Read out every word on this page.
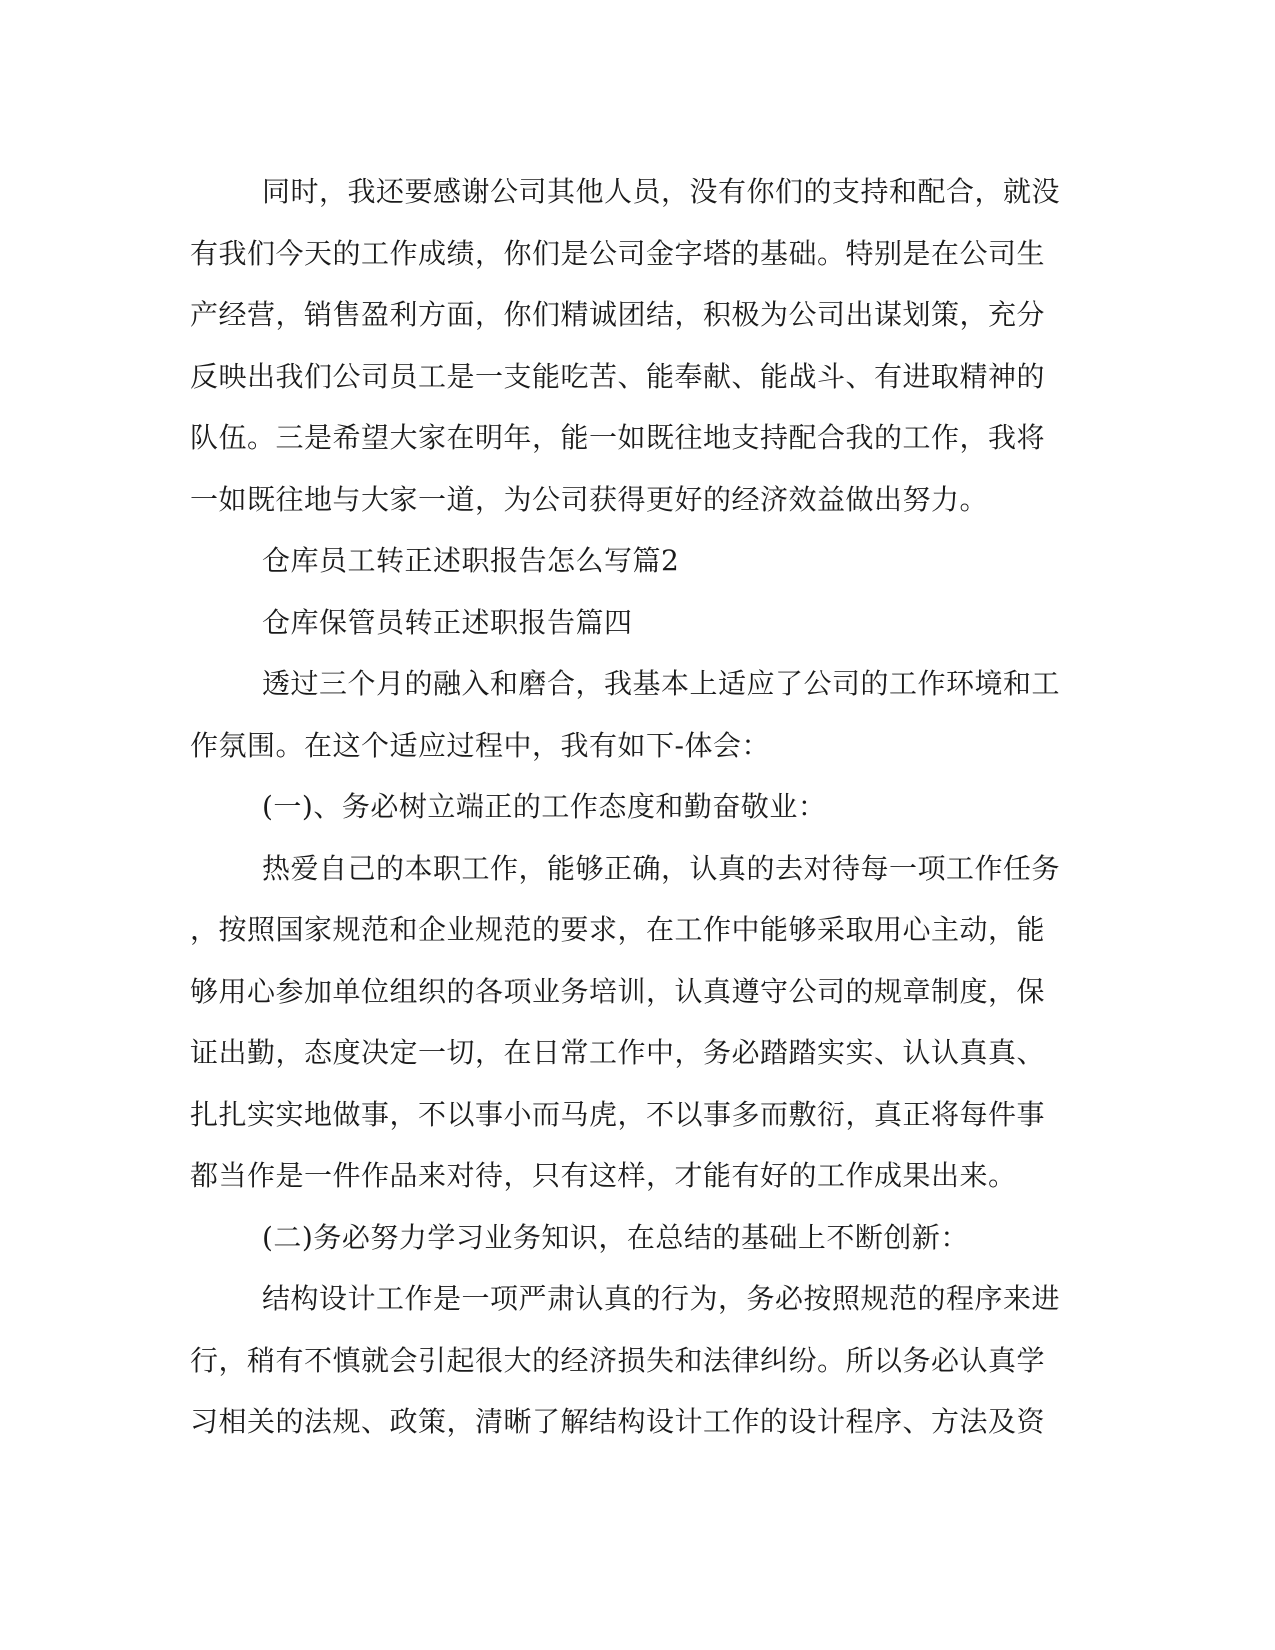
同时，我还要感谢公司其他人员，没有你们的支持和配合，就没
有我们今天的工作成绩，你们是公司金字塔的基础。特别是在公司生
产经营，销售盈利方面，你们精诚团结，积极为公司出谋划策，充分
反映出我们公司员工是一支能吃苦、能奉献、能战斗、有进取精神的
队伍。三是希望大家在明年，能一如既往地支持配合我的工作，我将
一如既往地与大家一道，为公司获得更好的经济效益做出努力。
仓库员工转正述职报告怎么写篇2
仓库保管员转正述职报告篇四
透过三个月的融入和磨合，我基本上适应了公司的工作环境和工
作氛围。在这个适应过程中，我有如下-体会：
(一)、务必树立端正的工作态度和勤奋敬业：
热爱自己的本职工作，能够正确，认真的去对待每一项工作任务
，按照国家规范和企业规范的要求，在工作中能够采取用心主动，能
够用心参加单位组织的各项业务培训，认真遵守公司的规章制度，保
证出勤，态度决定一切，在日常工作中，务必踏踏实实、认认真真、
扎扎实实地做事，不以事小而马虎，不以事多而敷衍，真正将每件事
都当作是一件作品来对待，只有这样，才能有好的工作成果出来。
(二)务必努力学习业务知识，在总结的基础上不断创新：
结构设计工作是一项严肃认真的行为，务必按照规范的程序来进
行，稍有不慎就会引起很大的经济损失和法律纠纷。所以务必认真学
习相关的法规、政策，清晰了解结构设计工作的设计程序、方法及资
